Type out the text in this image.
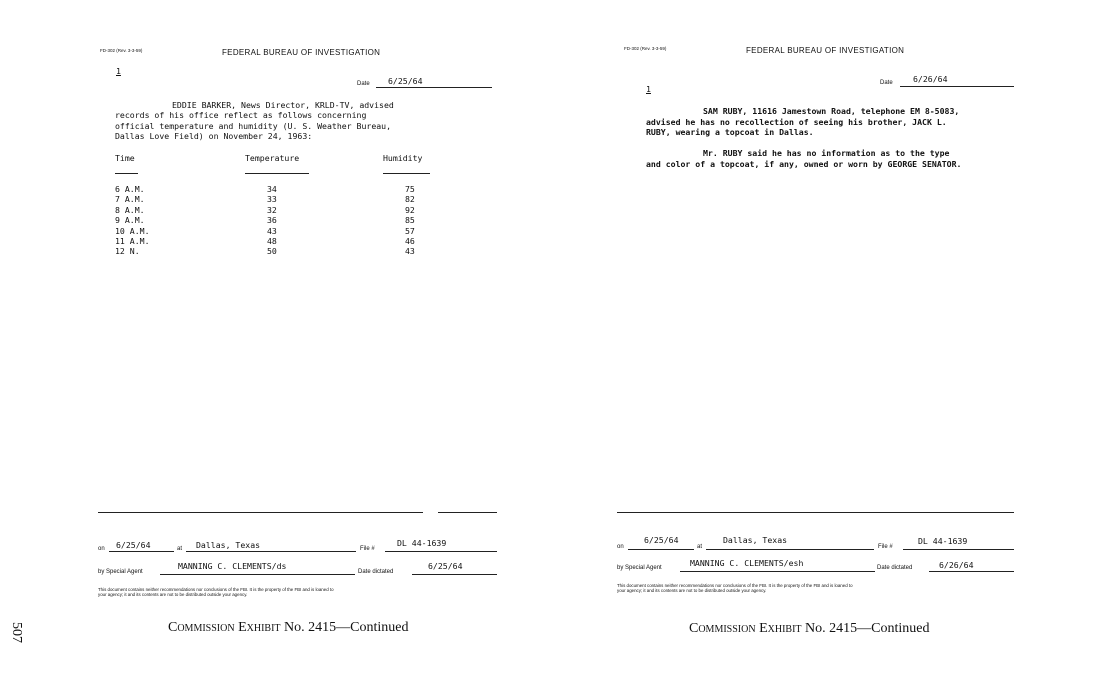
FD-302 (Rev. 3-3-59)	FEDERAL BUREAU OF INVESTIGATION
1
Date 6/25/64
EDDIE BARKER, News Director, KRLD-TV, advised
records of his office reflect as follows concerning
official temperature and humidity (U. S. Weather Bureau,
Dallas Love Field) on November 24, 1963:
Time	Temperature	Humidity
6 A.M.	34	75
7 A.M.	33	82
8 A.M.	32	92
9 A.M.	36	85
10 A.M.	43	57
11 A.M.	48	46
12 N.	50	43
on 6/25/64	at Dallas, Texas	File #
DL 44-1639
by Special Agent
MANNING C. CLEMENTS/ds
Date dictated
6/25/64
This document contains neither recommendations nor conclusions of the FBI. It is the property of the FBI and is loaned to
your agency; it and its contents are not to be distributed outside your agency.
Commission Exhibit No. 2415—Continued
507
FD-302 (Rev. 3-3-59)	FEDERAL BUREAU OF INVESTIGATION
Date 6/26/64
1
SAM RUBY, 11616 Jamestown Road, telephone EM 8-5083,
advised he has no recollection of seeing his brother, JACK L.
RUBY, wearing a topcoat in Dallas.
Mr. RUBY said he has no information as to the type
and color of a topcoat, if any, owned or worn by GEORGE SENATOR.
on
6/25/64
at
Dallas, Texas
File #
DL 44-1639
by Special Agent	MANNING C. CLEMENTS/esh	Date dictated	6/26/64
This document contains neither recommendations nor conclusions of the FBI. It is the property of the FBI and is loaned to
your agency; it and its contents are not to be distributed outside your agency.
Commission Exhibit No. 2415—Continued
